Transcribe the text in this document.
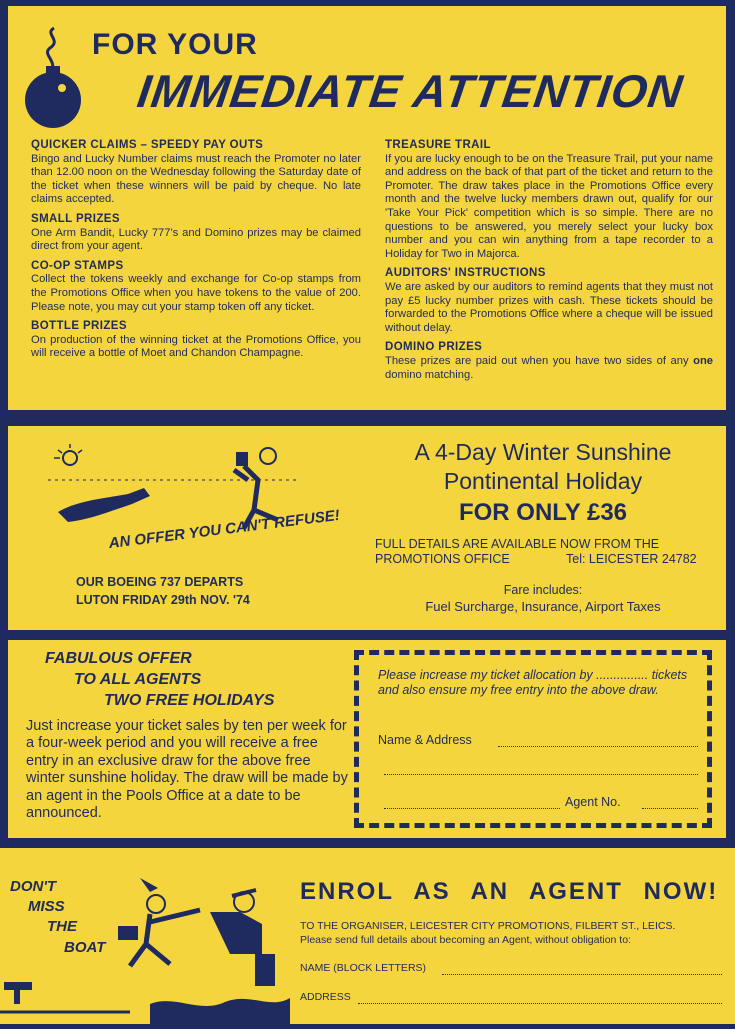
FOR YOUR
IMMEDIATE ATTENTION
QUICKER CLAIMS – SPEEDY PAY OUTS
Bingo and Lucky Number claims must reach the Promoter no later than 12.00 noon on the Wednesday following the Saturday date of the ticket when these winners will be paid by cheque. No late claims accepted.
SMALL PRIZES
One Arm Bandit, Lucky 777's and Domino prizes may be claimed direct from your agent.
CO-OP STAMPS
Collect the tokens weekly and exchange for Co-op stamps from the Promotions Office when you have tokens to the value of 200. Please note, you may cut your stamp token off any ticket.
BOTTLE PRIZES
On production of the winning ticket at the Promotions Office, you will receive a bottle of Moet and Chandon Champagne.
TREASURE TRAIL
If you are lucky enough to be on the Treasure Trail, put your name and address on the back of that part of the ticket and return to the Promoter. The draw takes place in the Promotions Office every month and the twelve lucky members drawn out, qualify for our 'Take Your Pick' competition which is so simple. There are no questions to be answered, you merely select your lucky box number and you can win anything from a tape recorder to a Holiday for Two in Majorca.
AUDITORS' INSTRUCTIONS
We are asked by our auditors to remind agents that they must not pay £5 lucky number prizes with cash. These tickets should be forwarded to the Promotions Office where a cheque will be issued without delay.
DOMINO PRIZES
These prizes are paid out when you have two sides of any one domino matching.
AN OFFER YOU CAN'T REFUSE!
OUR BOEING 737 DEPARTS
LUTON FRIDAY 29th NOV. '74
A 4-Day Winter Sunshine
Pontinental Holiday
FOR ONLY £36
FULL DETAILS ARE AVAILABLE NOW FROM THE
PROMOTIONS OFFICE	Tel: LEICESTER 24782
Fare includes:
Fuel Surcharge, Insurance, Airport Taxes
FABULOUS OFFER
TO ALL AGENTS
TWO FREE HOLIDAYS
Just increase your ticket sales by ten per week for a four-week period and you will receive a free entry in an exclusive draw for the above free winter sunshine holiday. The draw will be made by an agent in the Pools Office at a date to be announced.
Please increase my ticket allocation by ............... tickets and also ensure my free entry into the above draw.
Name & Address
Agent No.
DON'T
MISS
THE
BOAT
ENROL AS AN AGENT NOW!
TO THE ORGANISER, LEICESTER CITY PROMOTIONS, FILBERT ST., LEICS.
Please send full details about becoming an Agent, without obligation to:
NAME (BLOCK LETTERS)
ADDRESS
